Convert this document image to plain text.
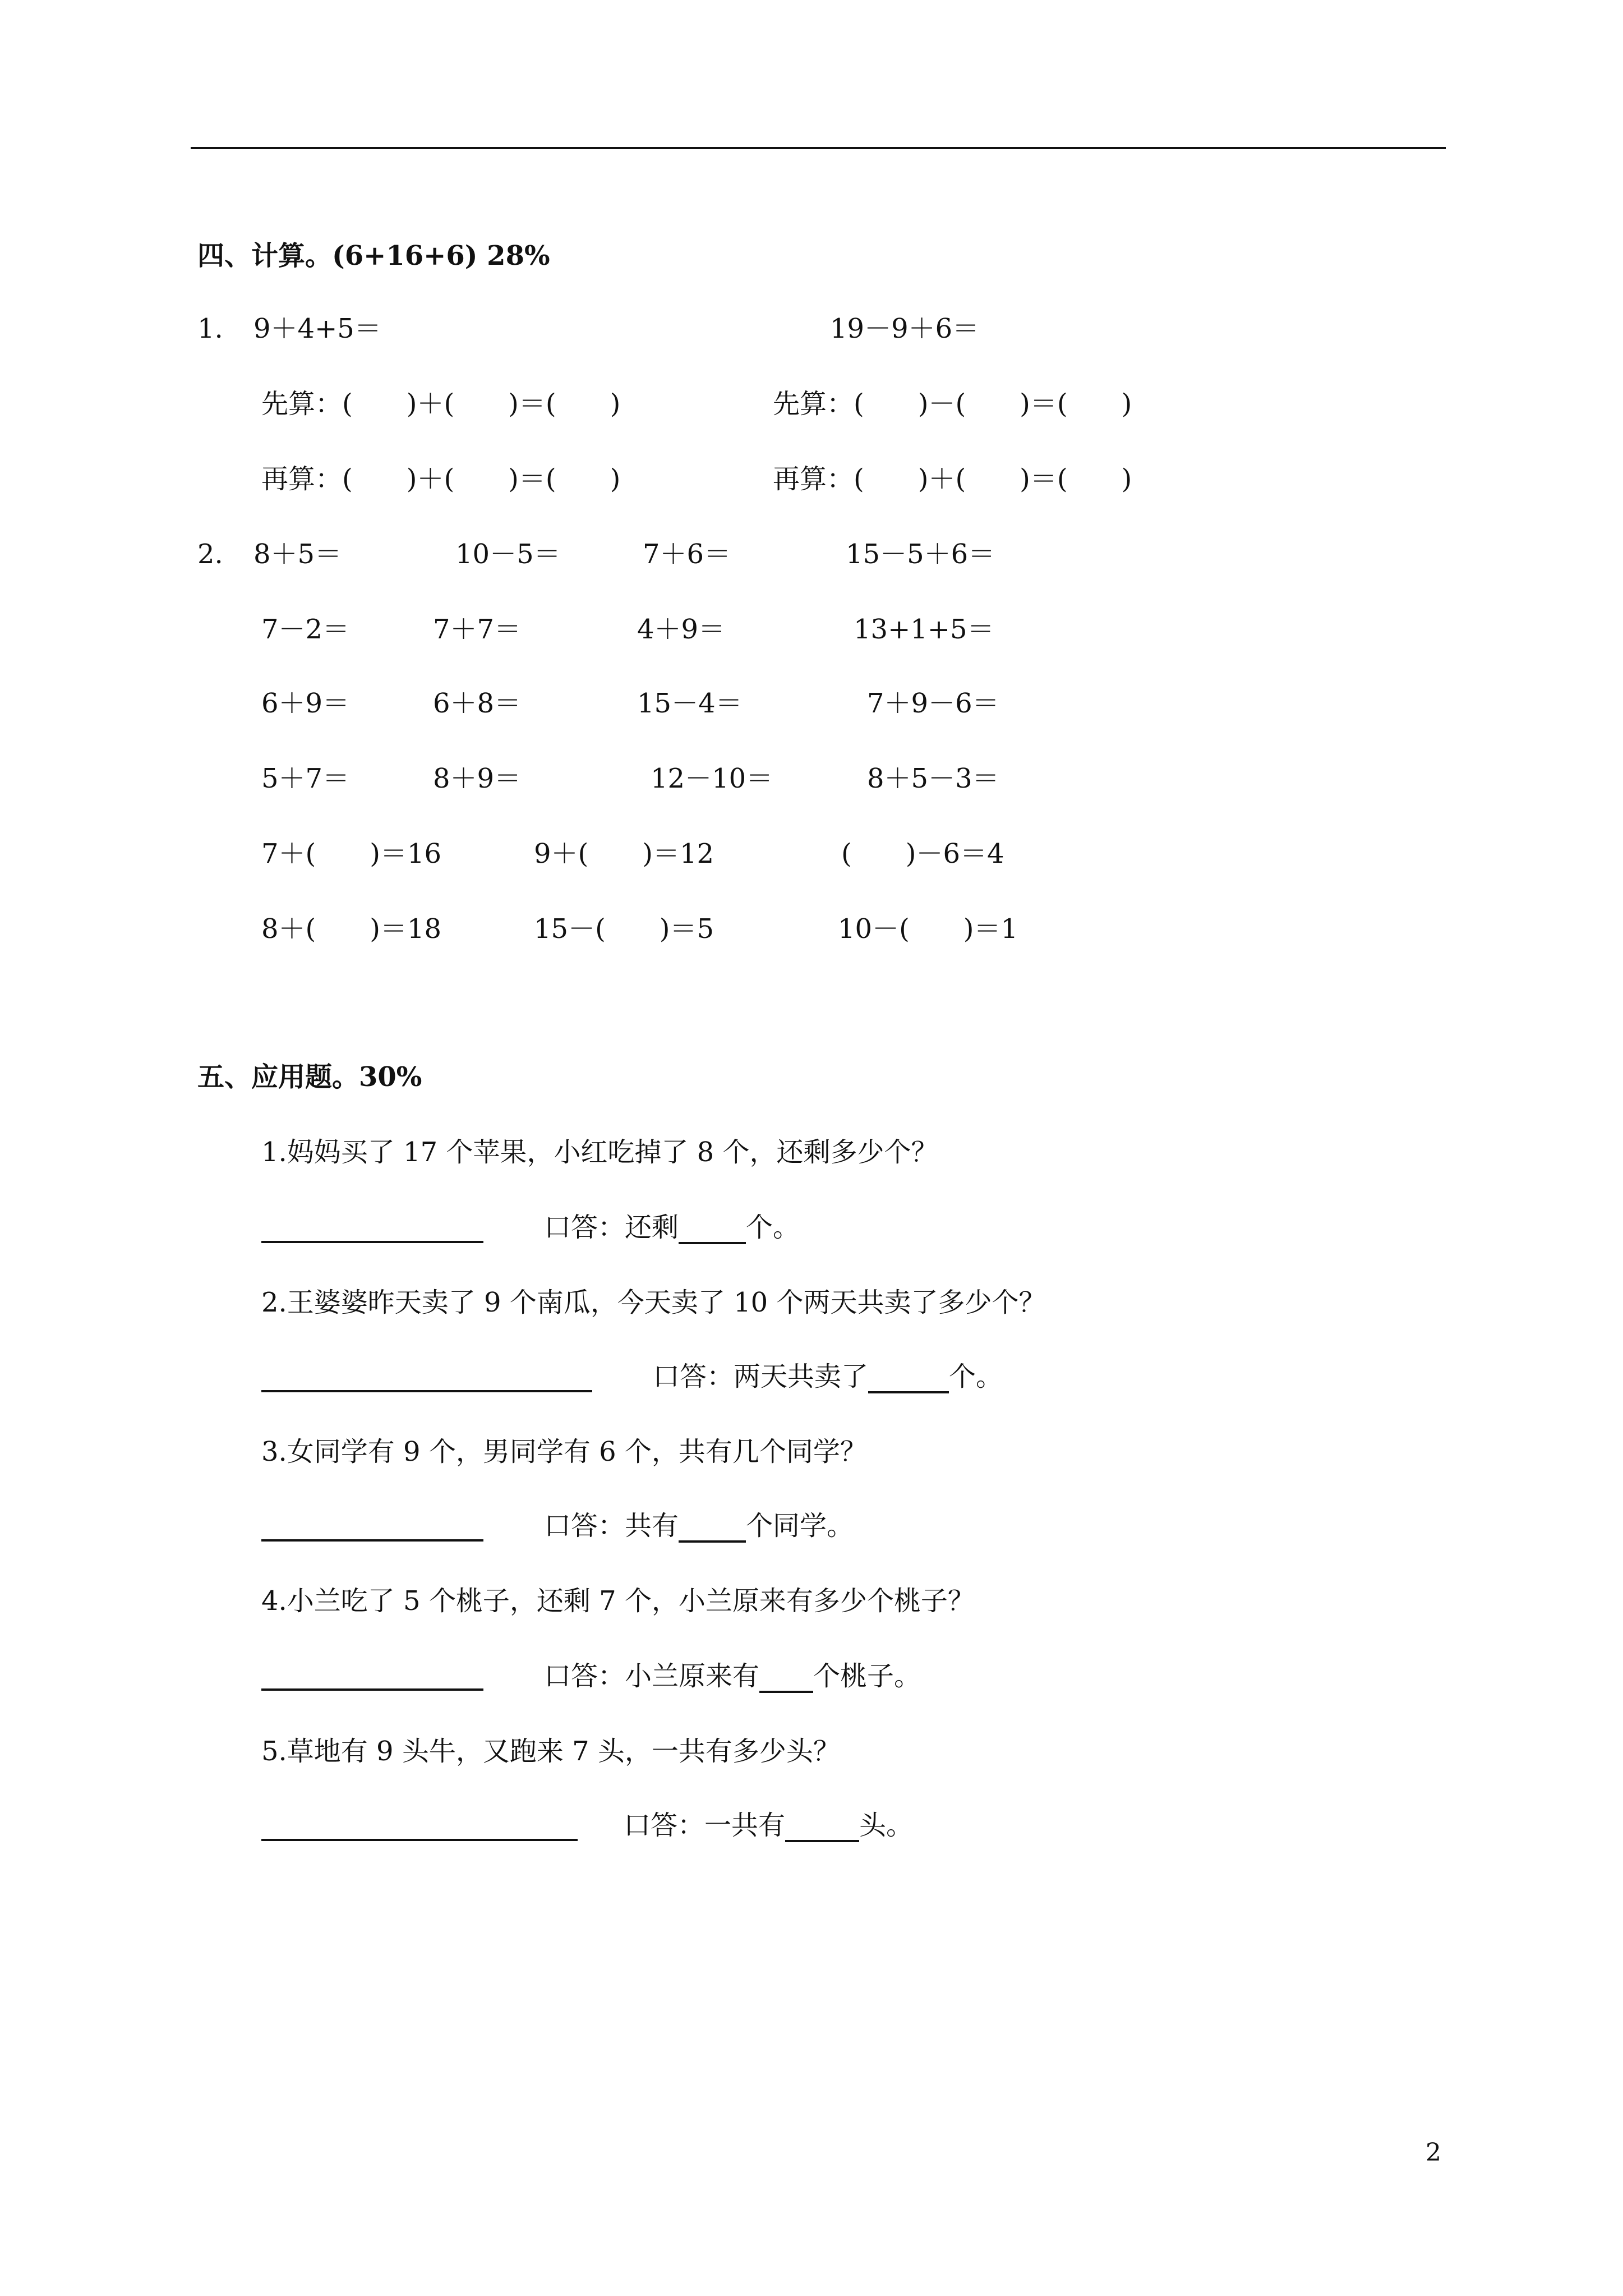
四、计算。(6+16+6) 28%
1. 9＋4+5＝	19－9＋6＝
先算：(　　)＋(　　)＝(　　)	先算：(　　)－(　　)＝(　　)
再算：(　　)＋(　　)＝(　　)	再算：(　　)＋(　　)＝(　　)
2. 8＋5＝	10－5＝	7＋6＝	15－5＋6＝
7－2＝	7＋7＝	4＋9＝	13+1+5＝
6＋9＝	6＋8＝	15－4＝	7＋9－6＝
5＋7＝	8＋9＝	12－10＝	8＋5－3＝
7＋(　　)＝16	9＋(　　)＝12	(　　)－6＝4
8＋(　　)＝18	15－(　　)＝5	10－(　　)＝1
五、应用题。30%
1.妈妈买了 17 个苹果，小红吃掉了 8 个，还剩多少个？
口答：还剩	个。
2.王婆婆昨天卖了 9 个南瓜，今天卖了 10 个两天共卖了多少个？
口答：两天共卖了	个。
3.女同学有 9 个，男同学有 6 个，共有几个同学？
口答：共有	个同学。
4.小兰吃了 5 个桃子，还剩 7 个，小兰原来有多少个桃子？
口答：小兰原来有 个桃子。
5.草地有 9 头牛，又跑来 7 头，一共有多少头？
口答：一共有	头。
2
